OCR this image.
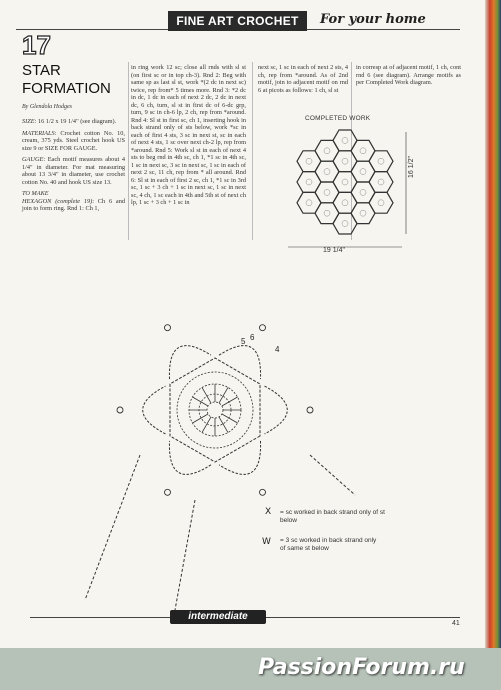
FINE ART CROCHET	For your home
17
STAR
FORMATION
By Glendola Hodges

SIZE: 16 1/2 x 19 1/4" (see diagram).

MATERIALS: Crochet cotton No. 10, cream, 375 yds. Steel crochet hook US size 9 or SIZE FOR GAUGE.

GAUGE: Each motif measures about 4 1/4" in diameter. For mat measuring about 13 3/4" in diameter, use crochet cotton No. 40 and hook US size 13.

TO MAKE

HEXAGON (complete 19): Ch 6 and join to form ring. Rnd 1: Ch 1,

in ring work 12 sc; close all rnds with sl st (on first sc or in top ch-3). Rnd 2: Beg with same sp as last sl st, work *(2 dc in next sc) twice, rep from* 5 times more. Rnd 3: *2 dc in dc, 1 dc in each of next 2 dc, 2 dc in next dc, 6 ch, turn, sl st in first dc of 6-dc grp, turn, 9 sc in ch-6 lp, 2 ch, rep from *around. Rnd 4: Sl st in first sc, ch 1, inserting hook in back strand only of sts below, work *sc in each of first 4 sts, 3 sc in next st, sc in each of next 4 sts, 1 sc over next ch-2 lp, rep from *around. Rnd 5: Work sl st in each of next 4 sts to beg rnd in 4th sc, ch 1, *1 sc in 4th sc, 1 sc in next sc, 3 sc in next sc, 1 sc in each of next 2 sc, 11 ch, rep from * all around. Rnd 6: Sl st in each of first 2 sc, ch 1, *1 sc in 3rd sc, 1 sc + 3 ch + 1 sc in next sc, 1 sc in next sc, 4 ch, 1 sc each in 4th and 5th st of next ch lp, 1 sc + 3 ch + 1 sc in
next sc, 1 sc in each of next 2 sts, 4 ch, rep from *around. As of 2nd motif, join to adjacent motif on rnd 6 at picots as follows: 1 ch, sl st
in corresp at of adjacent motif, 1 ch, cont rnd 6 (see diagram). Arrange motifs as per Completed Work diagram.
COMPLETED WORK
19 1/4"
16 1/2"
6
5
4
X = sc worked in back strand only of st below
W = 3 sc worked in back strand only of same st below
intermediate
41
PassionForum.ru
